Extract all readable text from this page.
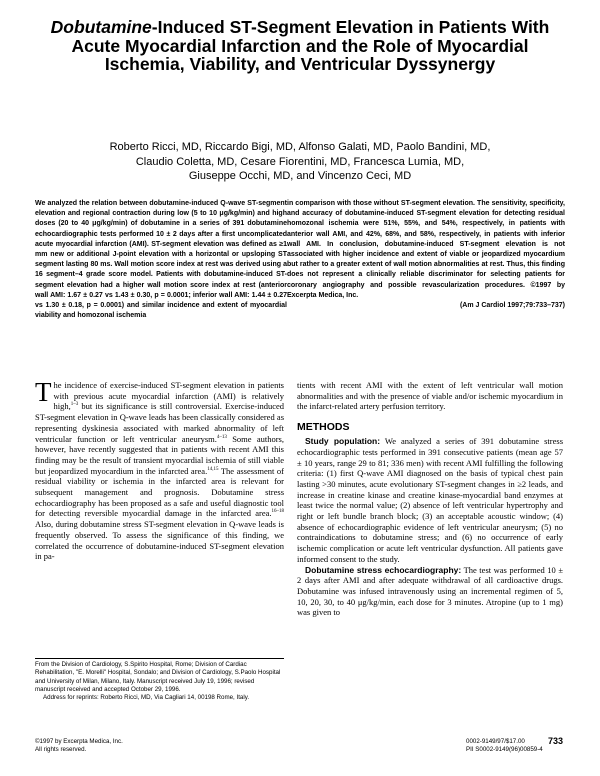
Dobutamine-Induced ST-Segment Elevation in Patients With Acute Myocardial Infarction and the Role of Myocardial Ischemia, Viability, and Ventricular Dyssynergy
Roberto Ricci, MD, Riccardo Bigi, MD, Alfonso Galati, MD, Paolo Bandini, MD,
Claudio Coletta, MD, Cesare Fiorentini, MD, Francesca Lumia, MD,
Giuseppe Occhi, MD, and Vincenzo Ceci, MD
We analyzed the relation between dobutamine-induced Q-wave ST-segment elevation and regional contraction during low (5 to 10 μg/kg/min) and high doses (20 to 40 μg/kg/min) of dobutamine in a series of 391 dobutamine echocardiographic tests performed 10 ± 2 days after a first uncomplicated acute myocardial infarction (AMI). ST-segment elevation was defined as ≥1 mm new or additional J-point elevation with a horizontal or upsloping ST segment lasting 80 ms. Wall motion score index at rest was derived using a 16 segment–4 grade score model. Patients with dobutamine-induced ST-segment elevation had a higher wall motion score index at rest (anterior wall AMI: 1.67 ± 0.27 vs 1.43 ± 0.30, p = 0.0001; inferior wall AMI: 1.44 ± 0.27 vs 1.30 ± 0.18, p = 0.0001) and similar incidence and extent of myocardial viability and homozonal ischemia
in comparison with those without ST-segment elevation. The sensitivity, specificity, and accuracy of dobutamine-induced ST-segment elevation for detecting residual homozonal ischemia were 51%, 55%, and 54%, respectively, in patients with anterior wall AMI, and 42%, 68%, and 58%, respectively, in patients with inferior wall AMI. In conclusion, dobutamine-induced ST-segment elevation is not associated with higher incidence and extent of viable or jeopardized myocardium but rather to a greater extent of wall motion abnormalities at rest. Thus, this finding does not represent a clinically reliable discriminator for selecting patients for coronary angiography and possible revascularization procedures. ©1997 by Excerpta Medica, Inc.
(Am J Cardiol 1997;79:733–737)

The incidence of exercise-induced ST-segment elevation in patients with previous acute myocardial infarction (AMI) is relatively high,$^{1-3}$ but its significance is still controversial. Exercise-induced ST-segment elevation in Q-wave leads has been classically considered as representing dyskinesia associated with marked abnormality of left ventricular function or left ventricular aneurysm.$^{4-13}$ Some authors, however, have recently suggested that in patients with recent AMI this finding may be the result of transient myocardial ischemia of still viable but jeopardized myocardium in the infarcted area.$^{14,15}$ The assessment of residual viability or ischemia in the infarcted area is relevant for subsequent management and prognosis. Dobutamine stress echocardiography has been proposed as a safe and useful diagnostic tool for detecting reversible myocardial damage in the infarcted area.$^{16-18}$ Also, during dobutamine stress ST-segment elevation in Q-wave leads is frequently observed. To assess the significance of this finding, we correlated the occurrence of dobutamine-induced ST-segment elevation in pa-

tients with recent AMI with the extent of left ventricular wall motion abnormalities and with the presence of viable and/or ischemic myocardium in the infarct-related artery perfusion territory.

METHODS

Study population: We analyzed a series of 391 dobutamine stress echocardiographic tests performed in 391 consecutive patients (mean age 57 ± 10 years, range 29 to 81; 336 men) with recent AMI fulfilling the following criteria: (1) first Q-wave AMI diagnosed on the basis of typical chest pain lasting >30 minutes, acute evolutionary ST-segment changes in ≥2 leads, and increase in creatine kinase and creatine kinase-myocardial band enzymes at least twice the normal value; (2) absence of left ventricular hypertrophy and right or left bundle branch block; (3) an acceptable acoustic window; (4) absence of echocardiographic evidence of left ventricular aneurysm; (5) no contraindications to dobutamine stress; and (6) no occurrence of early ischemic complication or acute left ventricular dysfunction. All patients gave informed consent to the study.

Dobutamine stress echocardiography: The test was performed 10 ± 2 days after AMI and after adequate withdrawal of all cardioactive drugs. Dobutamine was infused intravenously using an incremental regimen of 5, 10, 20, 30, to 40 μg/kg/min, each dose for 3 minutes. Atropine (up to 1 mg) was given to

From the Division of Cardiology, S.Spirito Hospital, Rome; Division of Cardiac Rehabilitation, "E. Morelli" Hospital, Sondalo; and Division of Cardiology, S.Paolo Hospital and University of Milan, Milano, Italy. Manuscript received July 19, 1996; revised manuscript received and accepted October 29, 1996.

Address for reprints: Roberto Ricci, MD, Via Cagliari 14, 00198 Rome, Italy.

©1997 by Excerpta Medica, Inc.
All rights reserved.
0002-9149/97/$17.00
PII S0002-9149(96)00859-4
733
